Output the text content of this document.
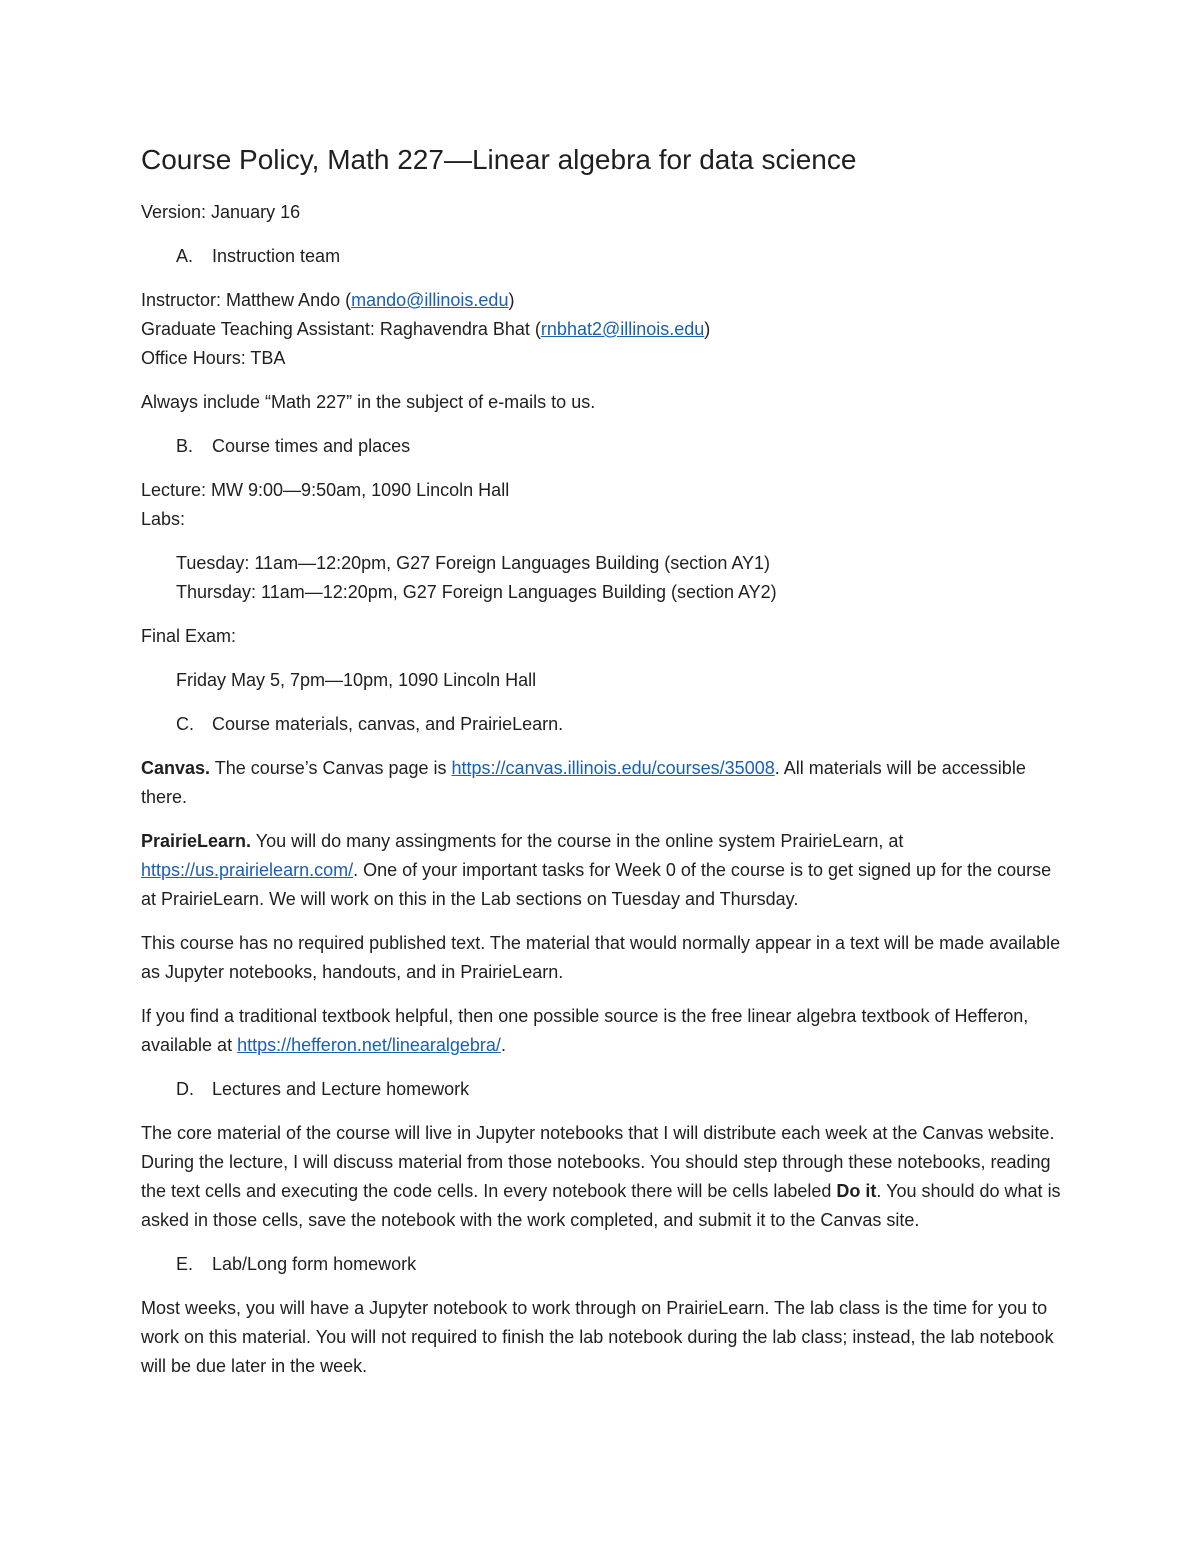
Course Policy, Math 227—Linear algebra for data science

Version: January 16

A. Instruction team

Instructor: Matthew Ando (mando@illinois.edu)
Graduate Teaching Assistant: Raghavendra Bhat (rnbhat2@illinois.edu)
Office Hours: TBA

Always include “Math 227” in the subject of e-mails to us.

B. Course times and places

Lecture: MW 9:00—9:50am, 1090 Lincoln Hall
Labs:

Tuesday: 11am—12:20pm, G27 Foreign Languages Building (section AY1)
Thursday: 11am—12:20pm, G27 Foreign Languages Building (section AY2)

Final Exam:

Friday May 5, 7pm—10pm, 1090 Lincoln Hall

C. Course materials, canvas, and PrairieLearn.

Canvas. The course’s Canvas page is https://canvas.illinois.edu/courses/35008. All materials will be accessible there.

PrairieLearn. You will do many assingments for the course in the online system PrairieLearn, at https://us.prairielearn.com/. One of your important tasks for Week 0 of the course is to get signed up for the course at PrairieLearn. We will work on this in the Lab sections on Tuesday and Thursday.

This course has no required published text. The material that would normally appear in a text will be made available as Jupyter notebooks, handouts, and in PrairieLearn.

If you find a traditional textbook helpful, then one possible source is the free linear algebra textbook of Hefferon, available at https://hefferon.net/linearalgebra/.

D. Lectures and Lecture homework

The core material of the course will live in Jupyter notebooks that I will distribute each week at the Canvas website. During the lecture, I will discuss material from those notebooks. You should step through these notebooks, reading the text cells and executing the code cells. In every notebook there will be cells labeled Do it. You should do what is asked in those cells, save the notebook with the work completed, and submit it to the Canvas site.

E. Lab/Long form homework

Most weeks, you will have a Jupyter notebook to work through on PrairieLearn. The lab class is the time for you to work on this material. You will not required to finish the lab notebook during the lab class; instead, the lab notebook will be due later in the week.
